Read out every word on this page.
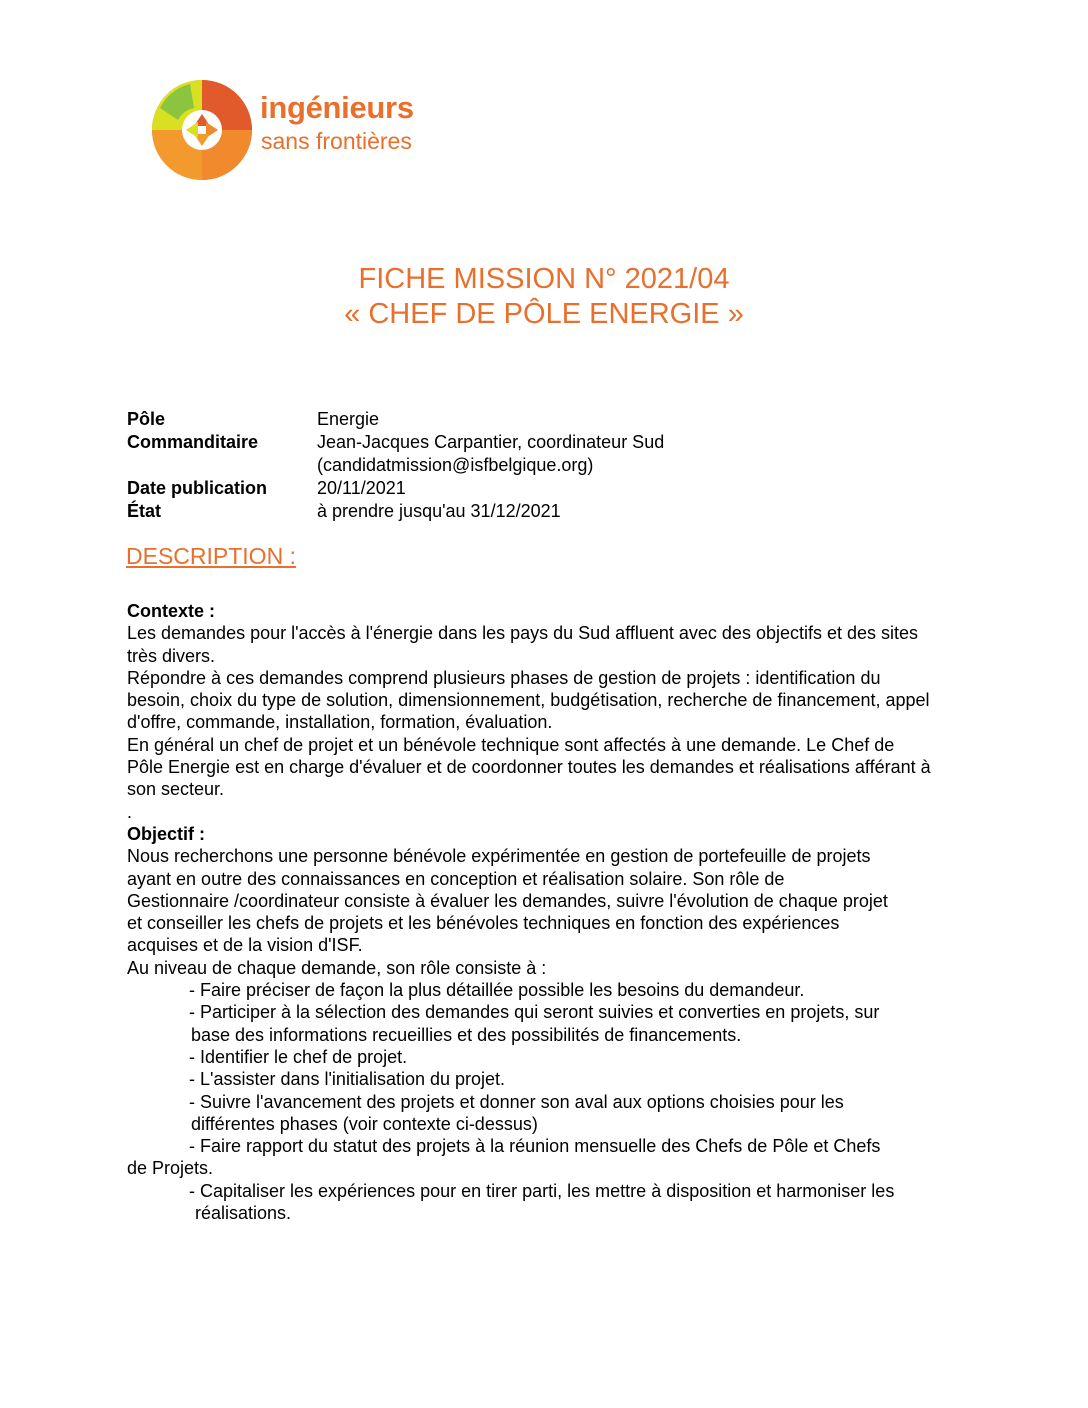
ingénieurs
sans frontières
FICHE MISSION N° 2021/04
« CHEF DE PÔLE ENERGIE »
Pôle	Energie
Commanditaire	Jean-Jacques Carpantier, coordinateur Sud
(candidatmission@isfbelgique.org)
Date publication	20/11/2021
État	à prendre jusqu'au 31/12/2021
DESCRIPTION :

Contexte :

Les demandes pour l'accès à l'énergie dans les pays du Sud affluent avec des objectifs et des sites

très divers.

Répondre à ces demandes comprend plusieurs phases de gestion de projets : identification du

besoin, choix du type de solution, dimensionnement, budgétisation, recherche de financement, appel

d'offre, commande, installation, formation, évaluation.

En général un chef de projet et un bénévole technique sont affectés à une demande. Le Chef de

Pôle Energie est en charge d'évaluer et de coordonner toutes les demandes et réalisations afférant à

son secteur.

.

Objectif :

Nous recherchons une personne bénévole expérimentée en gestion de portefeuille de projets

ayant en outre des connaissances en conception et réalisation solaire. Son rôle de

Gestionnaire /coordinateur consiste à évaluer les demandes, suivre l'évolution de chaque projet

et conseiller les chefs de projets et les bénévoles techniques en fonction des expériences

acquises et de la vision d'ISF.

Au niveau de chaque demande, son rôle consiste à :

- Faire préciser de façon la plus détaillée possible les besoins du demandeur.

- Participer à la sélection des demandes qui seront suivies et converties en projets, sur

base des informations recueillies et des possibilités de financements.

- Identifier le chef de projet.

- L'assister dans l'initialisation du projet.

- Suivre l'avancement des projets et donner son aval aux options choisies pour les

différentes phases (voir contexte ci-dessus)

- Faire rapport du statut des projets à la réunion mensuelle des Chefs de Pôle et Chefs

de Projets.

- Capitaliser les expériences pour en tirer parti, les mettre à disposition et harmoniser les

réalisations.
